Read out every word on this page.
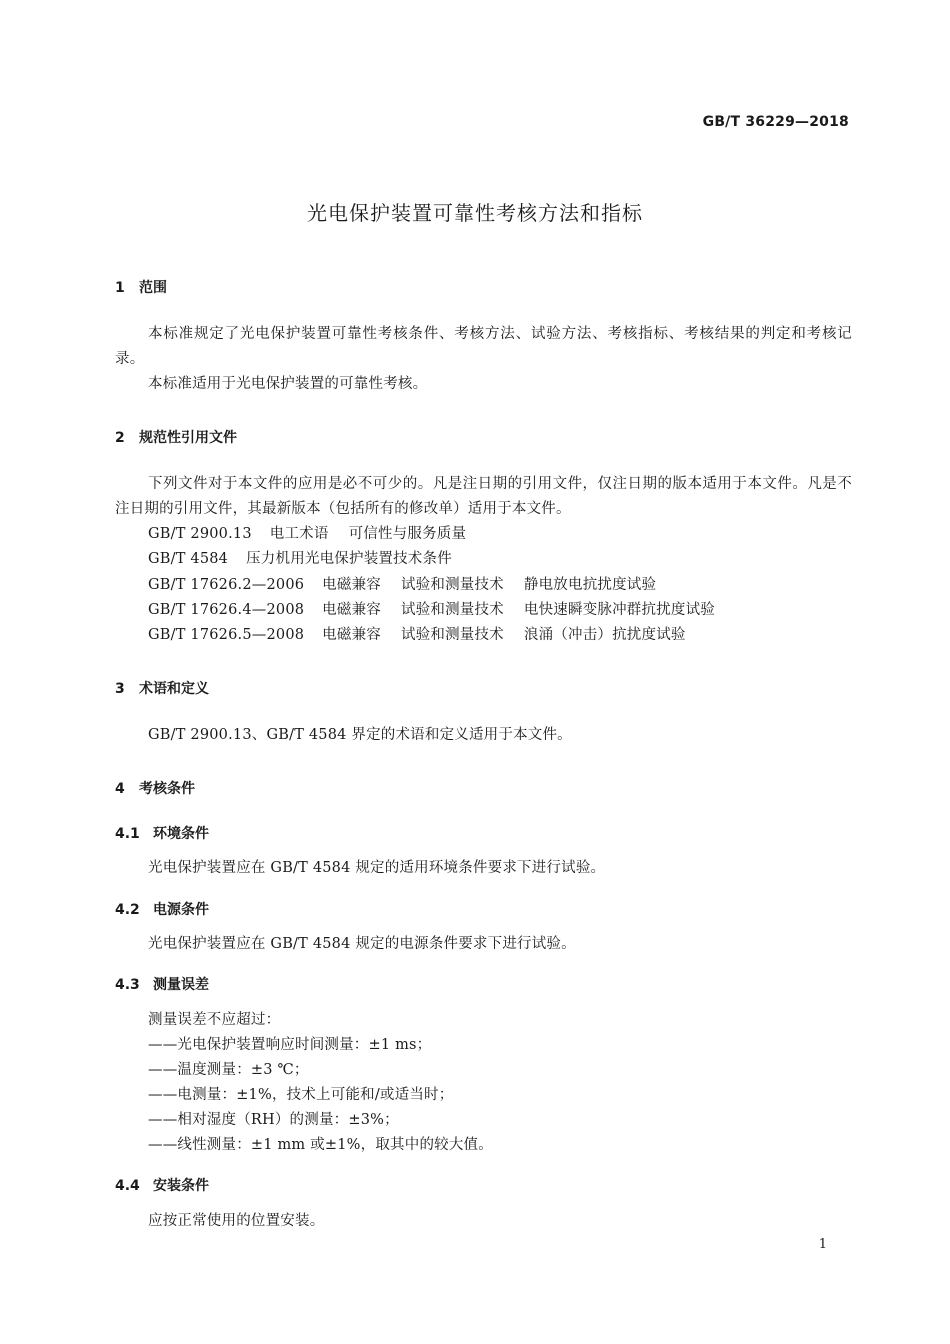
GB/T 36229—2018
光电保护装置可靠性考核方法和指标
1 范围
本标准规定了光电保护装置可靠性考核条件、考核方法、试验方法、考核指标、考核结果的判定和考核记录。
本标准适用于光电保护装置的可靠性考核。
2 规范性引用文件
下列文件对于本文件的应用是必不可少的。凡是注日期的引用文件，仅注日期的版本适用于本文件。凡是不注日期的引用文件，其最新版本（包括所有的修改单）适用于本文件。
GB/T 2900.13 电工术语 可信性与服务质量
GB/T 4584 压力机用光电保护装置技术条件
GB/T 17626.2—2006 电磁兼容 试验和测量技术 静电放电抗扰度试验
GB/T 17626.4—2008 电磁兼容 试验和测量技术 电快速瞬变脉冲群抗扰度试验
GB/T 17626.5—2008 电磁兼容 试验和测量技术 浪涌（冲击）抗扰度试验
3 术语和定义
GB/T 2900.13、GB/T 4584 界定的术语和定义适用于本文件。
4 考核条件
4.1 环境条件
光电保护装置应在 GB/T 4584 规定的适用环境条件要求下进行试验。
4.2 电源条件
光电保护装置应在 GB/T 4584 规定的电源条件要求下进行试验。
4.3 测量误差
测量误差不应超过：
——光电保护装置响应时间测量：±1 ms；
——温度测量：±3 ℃；
——电测量：±1%，技术上可能和/或适当时；
——相对湿度（RH）的测量：±3%；
——线性测量：±1 mm 或±1%，取其中的较大值。
4.4 安装条件
应按正常使用的位置安装。
1
